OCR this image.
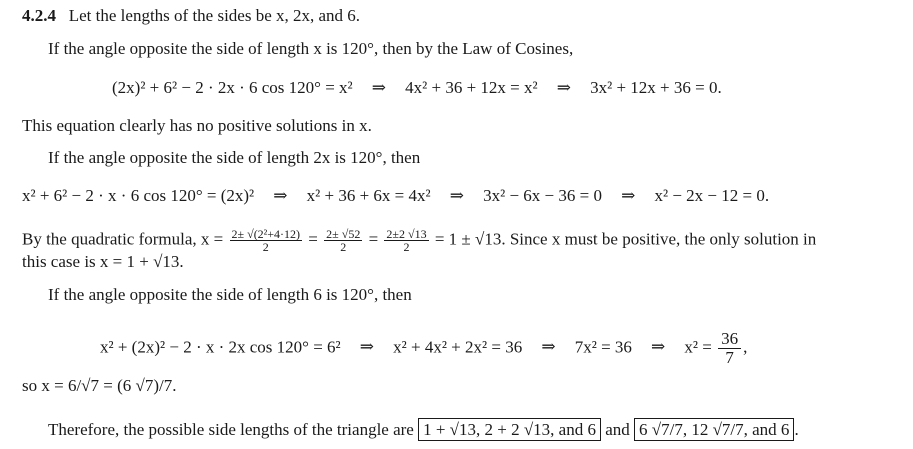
4.2.4 Let the lengths of the sides be x, 2x, and 6.
If the angle opposite the side of length x is 120°, then by the Law of Cosines,
(2x)² + 6² − 2 · 2x · 6 cos 120° = x² ⇒ 4x² + 36 + 12x = x² ⇒ 3x² + 12x + 36 = 0.
This equation clearly has no positive solutions in x.
If the angle opposite the side of length 2x is 120°, then
x² + 6² − 2 · x · 6 cos 120° = (2x)² ⇒ x² + 36 + 6x = 4x² ⇒ 3x² − 6x − 36 = 0 ⇒ x² − 2x − 12 = 0.
By the quadratic formula, $x = \frac{\text{2± √(2²+4·12)}}{2} = \frac{2\pm √52}{2} = \frac{2\pm 2 √13}{2} = 1 \pm √13$. Since x must be positive, the only solution in
this case is x = 1 + √13.
If the angle opposite the side of length 6 is 120°, then
x² + (2x)² − 2 · x · 2x cos 120° = 6² ⇒ x² + 4x² + 2x² = 36 ⇒ 7x² = 36 ⇒ $x^2 = \frac{36}{7}$ ,
so x = 6/√7 = (6 √7)/7.
Therefore, the possible side lengths of the triangle are 1 + √13, 2 + 2 √13, and 6 and 6 √7/7, 12 √7/7, and 6 .
